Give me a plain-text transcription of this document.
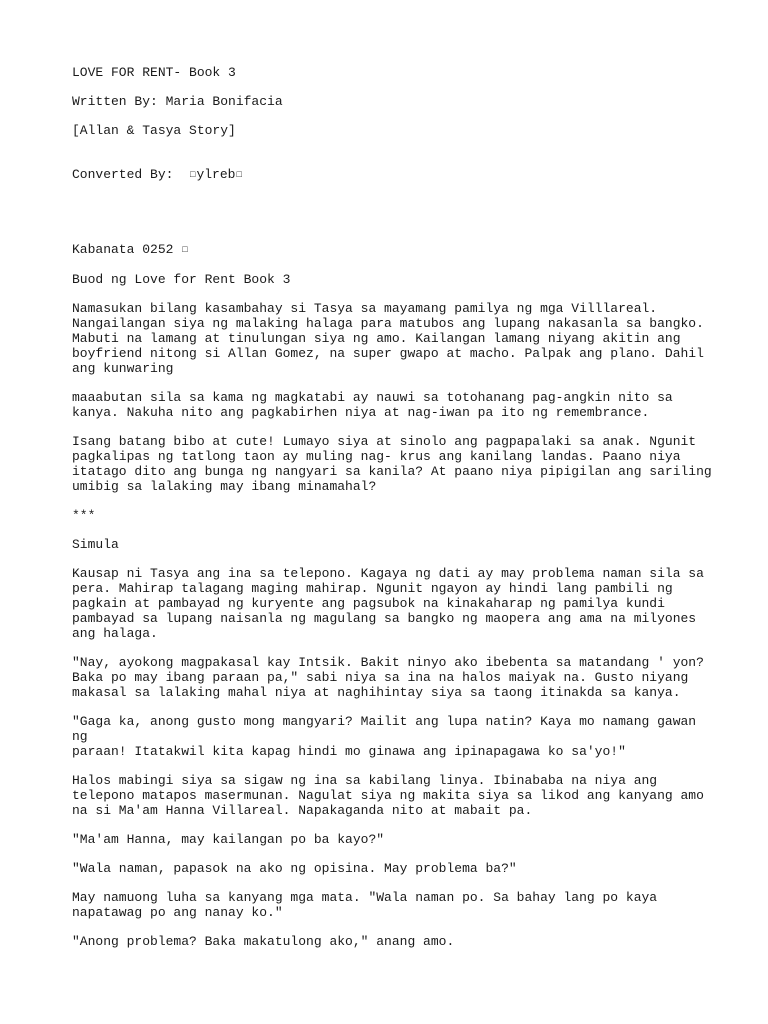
LOVE FOR RENT- Book 3
Written By: Maria Bonifacia
[Allan & Tasya Story]
Converted By: □ylreb□
Kabanata 0252 □
Buod ng Love for Rent Book 3

Namasukan bilang kasambahay si Tasya sa mayamang pamilya ng mga Villlareal.
Nangailangan siya ng malaking halaga para matubos ang lupang nakasanla sa bangko.
Mabuti na lamang at tinulungan siya ng amo. Kailangan lamang niyang akitin ang
boyfriend nitong si Allan Gomez, na super gwapo at macho. Palpak ang plano. Dahil
ang kunwaring

maaabutan sila sa kama ng magkatabi ay nauwi sa totohanang pag-angkin nito sa
kanya. Nakuha nito ang pagkabirhen niya at nag-iwan pa ito ng remembrance.

Isang batang bibo at cute! Lumayo siya at sinolo ang pagpapalaki sa anak. Ngunit
pagkalipas ng tatlong taon ay muling nag- krus ang kanilang landas. Paano niya
itatago dito ang bunga ng nangyari sa kanila? At paano niya pipigilan ang sariling
umibig sa lalaking may ibang minamahal?

***

Simula

Kausap ni Tasya ang ina sa telepono. Kagaya ng dati ay may problema naman sila sa
pera. Mahirap talagang maging mahirap. Ngunit ngayon ay hindi lang pambili ng
pagkain at pambayad ng kuryente ang pagsubok na kinakaharap ng pamilya kundi
pambayad sa lupang naisanla ng magulang sa bangko ng maopera ang ama na milyones
ang halaga.

"Nay, ayokong magpakasal kay Intsik. Bakit ninyo ako ibebenta sa matandang ' yon?
Baka po may ibang paraan pa," sabi niya sa ina na halos maiyak na. Gusto niyang
makasal sa lalaking mahal niya at naghihintay siya sa taong itinakda sa kanya.

"Gaga ka, anong gusto mong mangyari? Mailit ang lupa natin? Kaya mo namang gawan ng
paraan! Itatakwil kita kapag hindi mo ginawa ang ipinapagawa ko sa'yo!"

Halos mabingi siya sa sigaw ng ina sa kabilang linya. Ibinababa na niya ang
telepono matapos masermunan. Nagulat siya ng makita siya sa likod ang kanyang amo
na si Ma'am Hanna Villareal. Napakaganda nito at mabait pa.

"Ma'am Hanna, may kailangan po ba kayo?"

"Wala naman, papasok na ako ng opisina. May problema ba?"

May namuong luha sa kanyang mga mata. "Wala naman po. Sa bahay lang po kaya
napatawag po ang nanay ko."

"Anong problema? Baka makatulong ako," anang amo.
